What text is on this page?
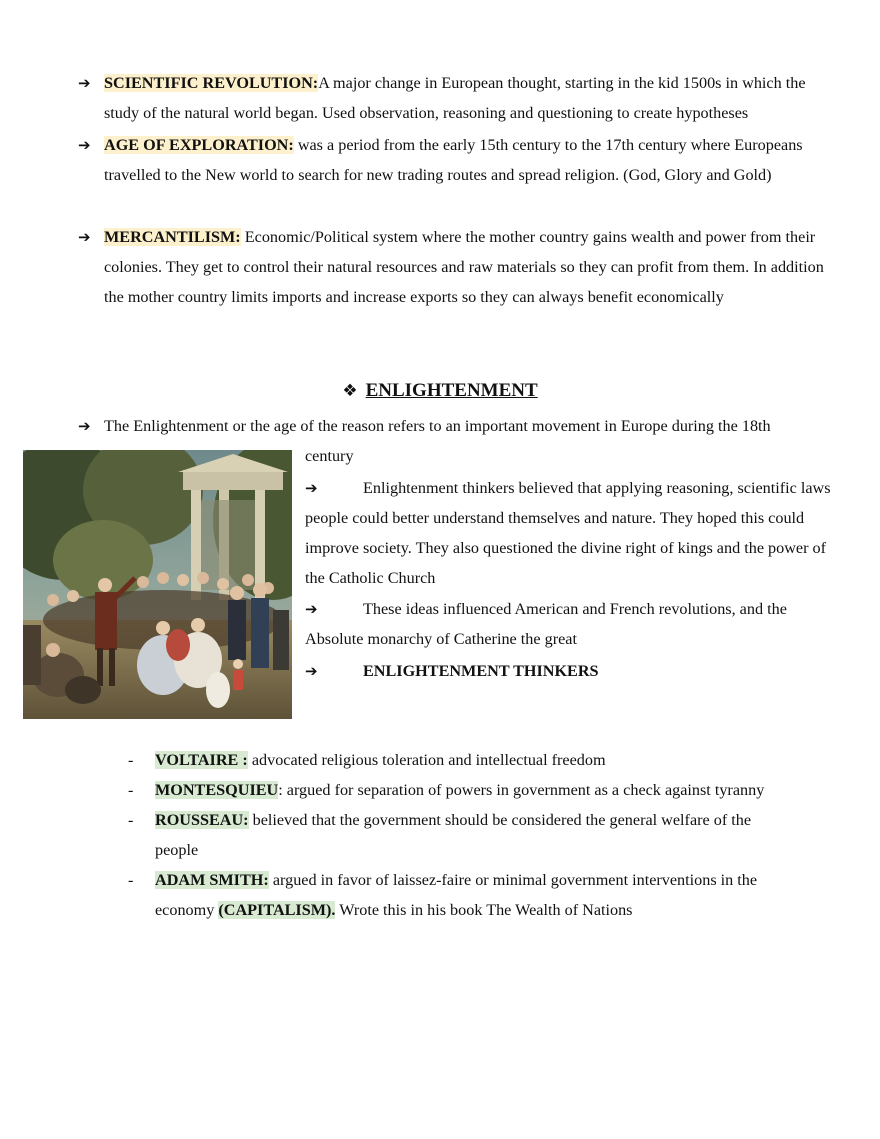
➔ SCIENTIFIC REVOLUTION:A major change in European thought, starting in the kid 1500s in which the study of the natural world began. Used observation, reasoning and questioning to create hypotheses
➔ AGE OF EXPLORATION: was a period from the early 15th century to the 17th century where Europeans travelled to the New world to search for new trading routes and spread religion. (God, Glory and Gold)
➔ MERCANTILISM: Economic/Political system where the mother country gains wealth and power from their colonies. They get to control their natural resources and raw materials so they can profit from them. In addition the mother country limits imports and increase exports so they can always benefit economically
❖ ENLIGHTENMENT
➔ The Enlightenment or the age of the reason refers to an important movement in Europe during the 18th
century
➔	Enlightenment thinkers believed that applying reasoning, scientific laws people could better understand themselves and nature. They hoped this could improve society. They also questioned the divine right of kings and the power of the Catholic Church
➔	These ideas influenced American and French revolutions, and the Absolute monarchy of Catherine the great
➔	ENLIGHTENMENT THINKERS
- VOLTAIRE : advocated religious toleration and intellectual freedom
- MONTESQUIEU: argued for separation of powers in government as a check against tyranny
- ROUSSEAU: believed that the government should be considered the general welfare of the people
- ADAM SMITH: argued in favor of laissez-faire or minimal government interventions in the economy (CAPITALISM). Wrote this in his book The Wealth of Nations
